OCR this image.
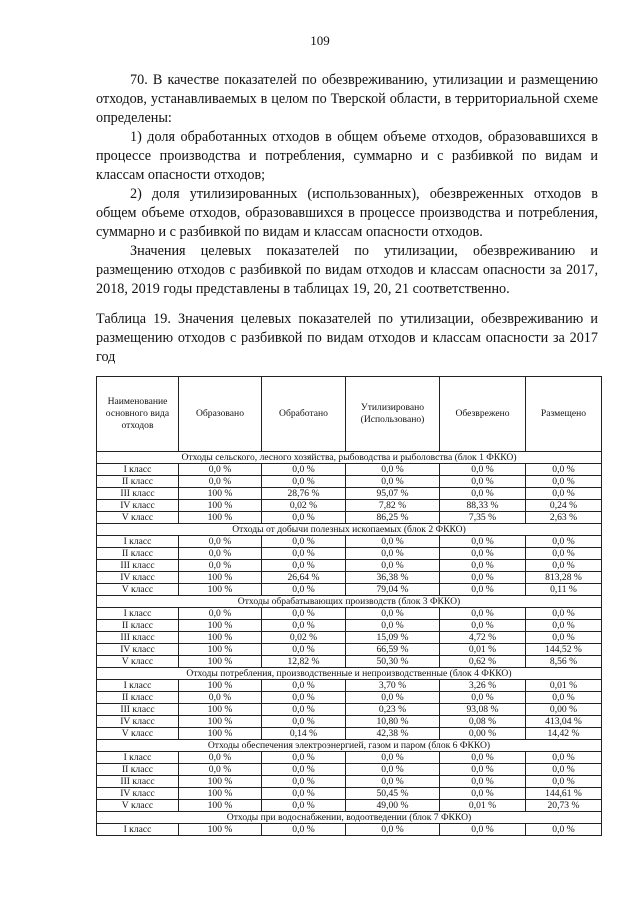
109

70. В качестве показателей по обезвреживанию, утилизации и размещению отходов, устанавливаемых в целом по Тверской области, в территориальной схеме определены:

1) доля обработанных отходов в общем объеме отходов, образовавшихся в процессе производства и потребления, суммарно и с разбивкой по видам и классам опасности отходов;

2) доля утилизированных (использованных), обезвреженных отходов в общем объеме отходов, образовавшихся в процессе производства и потребления, суммарно и с разбивкой по видам и классам опасности отходов.

Значения целевых показателей по утилизации, обезвреживанию и размещению отходов с разбивкой по видам отходов и классам опасности за 2017, 2018, 2019 годы представлены в таблицах 19, 20, 21 соответственно.

Таблица 19. Значения целевых показателей по утилизации, обезвреживанию и размещению отходов с разбивкой по видам отходов и классам опасности за 2017 год
Наименование основного вида отходов	Образовано	Обработано	Утилизировано (Использовано)	Обезврежено	Размещено
Отходы сельского, лесного хозяйства, рыбоводства и рыболовства (блок 1 ФККО)					
I класс	0,0 %	0,0 %	0,0 %	0,0 %	0,0 %
II класс	0,0 %	0,0 %	0,0 %	0,0 %	0,0 %
III класс	100 %	28,76 %	95,07 %	0,0 %	0,0 %
IV класс	100 %	0,02 %	7,82 %	88,33 %	0,24 %
V класс	100 %	0,0 %	86,25 %	7,35 %	2,63 %
Отходы от добычи полезных ископаемых (блок 2 ФККО)					
I класс	0,0 %	0,0 %	0,0 %	0,0 %	0,0 %
II класс	0,0 %	0,0 %	0,0 %	0,0 %	0,0 %
III класс	0,0 %	0,0 %	0,0 %	0,0 %	0,0 %
IV класс	100 %	26,64 %	36,38 %	0,0 %	813,28 %
V класс	100 %	0,0 %	79,04 %	0,0 %	0,11 %
Отходы обрабатывающих производств (блок 3 ФККО)					
I класс	0,0 %	0,0 %	0,0 %	0,0 %	0,0 %
II класс	100 %	0,0 %	0,0 %	0,0 %	0,0 %
III класс	100 %	0,02 %	15,09 %	4,72 %	0,0 %
IV класс	100 %	0,0 %	66,59 %	0,01 %	144,52 %
V класс	100 %	12,82 %	50,30 %	0,62 %	8,56 %
Отходы потребления, производственные и непроизводственные (блок 4 ФККО)					
I класс	100 %	0,0 %	3,70 %	3,26 %	0,01 %
II класс	0,0 %	0,0 %	0,0 %	0,0 %	0,0 %
III класс	100 %	0,0 %	0,23 %	93,08 %	0,00 %
IV класс	100 %	0,0 %	10,80 %	0,08 %	413,04 %
V класс	100 %	0,14 %	42,38 %	0,00 %	14,42 %
Отходы обеспечения электроэнергией, газом и паром (блок 6 ФККО)					
I класс	0,0 %	0,0 %	0,0 %	0,0 %	0,0 %
II класс	0,0 %	0,0 %	0,0 %	0,0 %	0,0 %
III класс	100 %	0,0 %	0,0 %	0,0 %	0,0 %
IV класс	100 %	0,0 %	50,45 %	0,0 %	144,61 %
V класс	100 %	0,0 %	49,00 %	0,01 %	20,73 %
Отходы при водоснабжении, водоотведении (блок 7 ФККО)					
I класс	100 %	0,0 %	0,0 %	0,0 %	0,0 %
